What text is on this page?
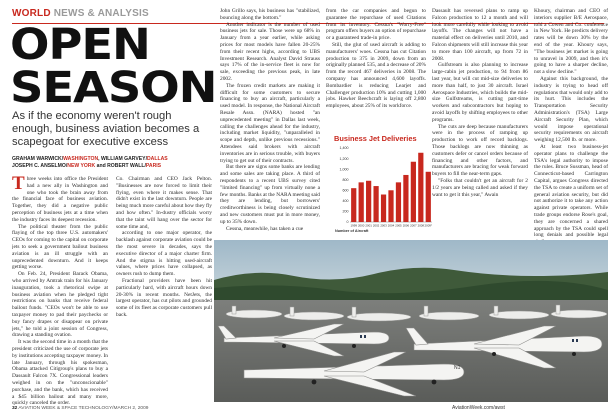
WORLD NEWS & ANALYSIS
OPEN
SEASON
As if the economy weren't rough enough, business aviation becomes a scapegoat for executive excess
GRAHAM WARWICK/WASHINGTON, WILLIAM GARVEY/DALLAS
JOSEPH C. ANSELMO/NEW YORK and ROBERT WALL/PARIS
T hree weeks into office the President had a new ally in Washington and one who took the brain away from the financial face of business aviation. Together, they did a negative public perception of business jets at a time when the industry faces its deepest recession.

The political theater from the public flaying of the top three U.S. automakers' CEOs for coming to the capital on corporate jets to seek a government bailout business aviation is an ill struggle with an unprecedented downturn. And it keeps getting worse.

On Feb. 24, President Barack Obama, who arrived by Amtrak train for his January inauguration, took a rhetorical swipe at business aviation when he pledged tight restrictions on banks that receive federal bailout funds. "CEOs won't be able to use taxpayer money to pad their paychecks or buy fancy drapes or disappear on private jets," he told a joint session of Congress, drawing a standing ovation.

It was the second time in a month that the president criticized the use of corporate jets by institutions accepting taxpayer money. In late January, through his spokesman, Obama attacked Citigroup's plans to buy a Dassault Falcon 7X. Congressional leaders weighed in on the "unconscionable" purchase, and the bank, which has received a $45 billion bailout and many more, quickly canceled the order.

Co. Chairman and CEO Jack Pelton. "Businesses are now forced to limit their flying, even where it makes sense. That didn't exist in the last downturn. People are being much more careful about how they fly and how often." In-dustry officials worry that the taint will hang over the sector for some time and,

according to one major operator, the backlash against corporate aviation could be the most severe in decades, says the executive director of a major charter firm. And the stigma is hitting used-aircraft values, where prices have collapsed, as owners rush to dump them.

Fractional providers have been hit particularly hard, with aircraft hours down 20-30% in recent months. NetJets, the largest operator, has cut pilots and grounded some of its fleet as corporate customers pull back.

John Grillo says, his business has "stabilized, bouncing along the bottom."

Another indicator is the number of used business jets for sale. Those were up 68% in January from a year earlier, while asking prices for most models have fallen 20-25% from their recent highs, according to UBS Investment Research. Analyst David Strauss says 17% of the in-service fleet is now for sale, exceeding the previous peak, in late 2002.

The frozen credit markets are making it difficult for some customers to secure financing to buy an aircraft, particularly a used model. In response, the National Aircraft Resale Assn. (NARA) hosted "an unprecedented meeting" in Dallas last week, calling the challenges ahead for the industry, including market liquidity, "unparalleled in scope and depth, unlike previous recessions." Attendees said brokers with aircraft inventories are in serious trouble, with buyers trying to get out of their contracts.

But there are signs some banks are lending and some sales are taking place. A third of respondents to a recent UBS survey cited "limited financing" up from virtually none a few months. Banks at the NARA meeting said they are lending, but borrowers' creditworthiness is being closely scrutinized and new customers must put in more money, up to 35% down.

Cessna, meanwhile, has taken a cue

from the car companies and begun to guarantee the repurchase of used Citations from its inventory. Cessna's "Worry-Free" program offers buyers an option of repurchase or a guaranteed trade-in price.

Still, the glut of used aircraft is adding to manufacturers' woes. Cessna has cut Citation production to 375 in 2009, down from an originally planned 535, and a decrease of 20% from the record 467 deliveries in 2008. The company has announced 4,600 layoffs. Bombardier is reducing Learjet and Challenger production 10% and cutting 1,000 jobs. Hawker Beechcraft is laying off 2,800 employees, about 25% of its workforce.

Dassault has reversed plans to ramp up Falcon production to 12 a month and will look more carefully while looking to avoid layoffs. The changes will not have a material effect on deliveries until 2010, and Falcon shipments will still increase this year to more than 100 aircraft, up from 72 in 2008.

Gulfstream is also planning to increase large-cabin jet production, to 94 from 86 last year, but will cut mid-size deliveries to more than half, to just 30 aircraft. Israel Aerospace Industries, which builds the mid-size Gulfstreams, is cutting part-time workers and subcontractors but hoping to avoid layoffs by shifting employees to other programs.

The cuts are deep because manufacturers were in the process of ramping up production to work off record backlogs. Those backlogs are now thinning as customers defer or cancel orders because of financing and other factors, and manufacturers are bracing for weak forward buyers to fill the near-term gaps.

"Folks that couldn't get an aircraft for 2 1/2 years are being called and asked if they want to get it this year," Awain

Khoury, chairman and CEO of interiors supplier B/E Aerospace, told a Cowen and Co. conference in New York. He predicts delivery rates will be down 30% by the end of the year. Khoury says, "The business jet market is going to unravel in 2009, and then it's going to have a sharper decline, not a slow decline."

Against this background, the industry is trying to head off regulations that would only add to its hurt. This includes the Transportation Security Administration's (TSA) Large Aircraft Security Plan, which would impose operational security requirements on aircraft weighing 12,500 lb. or more.

At least two business-jet operator plans to challenge the TSA's legal authority to impose the rules. Bruce Sussman, head of Connecticut-based Carrington Capital, argues Congress directed the TSA to create a uniform set of general aviation security, but did not authorize it to take any action against private operators. While trade groups endorse Rose's goal, they are concerned a shared approach by the TSA could spell long denials and possible legal

Business Jet Deliveries
1,400
1,200
1,000
800
600
400
200
0
1999 2000 2001 2002 2003 2004 2005 2006 2007 2008 2009*
Number of Aircraft
N1
32 AVIATION WEEK & SPACE TECHNOLOGY/MARCH 2, 2009	AviationWeek.com/awst
